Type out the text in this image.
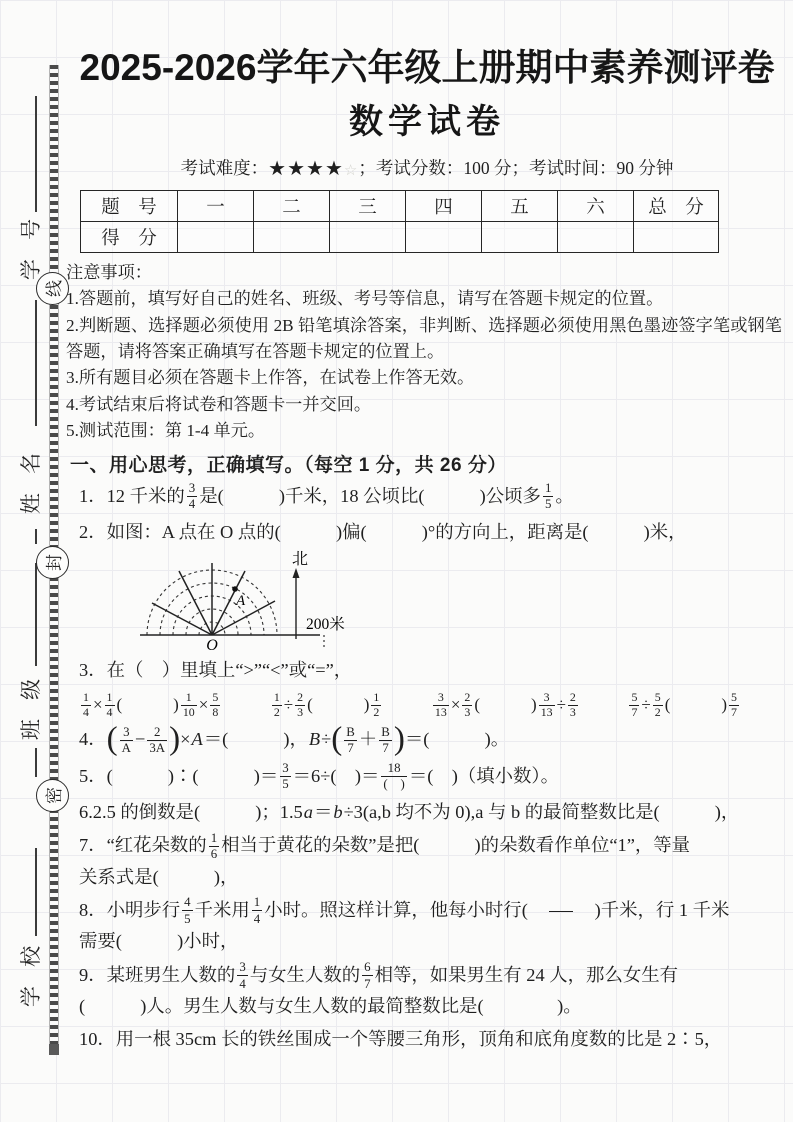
学 号
姓 名
班 级
学 校
线
封
密
2025-2026学年六年级上册期中素养测评卷
数学试卷
考试难度：★★★★☆；考试分数：100 分；考试时间：90 分钟
题　号	一	二	三	四	五	六	总　分
得　分							
注意事项：
1.答题前，填写好自己的姓名、班级、考号等信息，请写在答题卡规定的位置。
2.判断题、选择题必须使用 2B 铅笔填涂答案，非判断、选择题必须使用黑色墨迹签字笔或钢笔答题，请将答案正确填写在答题卡规定的位置上。
3.所有题目必须在答题卡上作答，在试卷上作答无效。
4.考试结束后将试卷和答题卡一并交回。
5.测试范围：第 1-4 单元。
一、用心思考，正确填写。（每空 1 分，共 26 分）
1．12 千米的 $\frac{3}{4}$ 是(　　　)千米，18 公顷比(　　　)公顷多 $\frac{1}{5}$ 。
2．如图：A 点在 O 点的(　　　)偏(　　　)°的方向上，距离是(　　　)米，
A
O
北
200米
3．在（　）里填上“>”“<”或“=”，
$\frac{1}{4} \times \frac{1}{4}$ (　　　) $\frac{1}{10} \times \frac{5}{8}$	$\frac{1}{2} \div \frac{2}{3}$ (　　　) $\frac{1}{2}$	$\frac{3}{13} \times \frac{2}{3}$ (　　　) $\frac{3}{13} \div \frac{2}{3}$	$\frac{5}{7} \div \frac{5}{2}$ (　　　) $\frac{5}{7}$
4．( $\frac{3}{A} - \frac{2}{3A} )\times A=$(　　　)，$B\div( \frac{B}{7} + \frac{B}{7}$ )＝(　　　)。
5．(　　　)∶(　　　)＝ $\frac{3}{5} =6\div$(　)＝ $\frac{18}{( )}$ ＝(　)（填小数）。
6.2.5 的倒数是(　　　)；1.5a＝b÷3(a,b 均不为 0),a 与 b 的最简整数比是(　　　)，
7．“红花朵数的 $\frac{1}{6}$ 相当于黄花的朵数”是把(　　　)的朵数看作单位“1”，等量
关系式是(　　　)，
8．小明步行 $\frac{4}{5}$ 千米用 $\frac{1}{4}$ 小时。照这样计算，他每小时行(　　)千米，行 1 千米
需要(　　　)小时，
9．某班男生人数的 $\frac{3}{4}$ 与女生人数的 $\frac{6}{7}$ 相等，如果男生有 24 人，那么女生有
(　　　)人。男生人数与女生人数的最简整数比是(　　　　)。
10．用一根 35cm 长的铁丝围成一个等腰三角形，顶角和底角度数的比是 2∶5，
